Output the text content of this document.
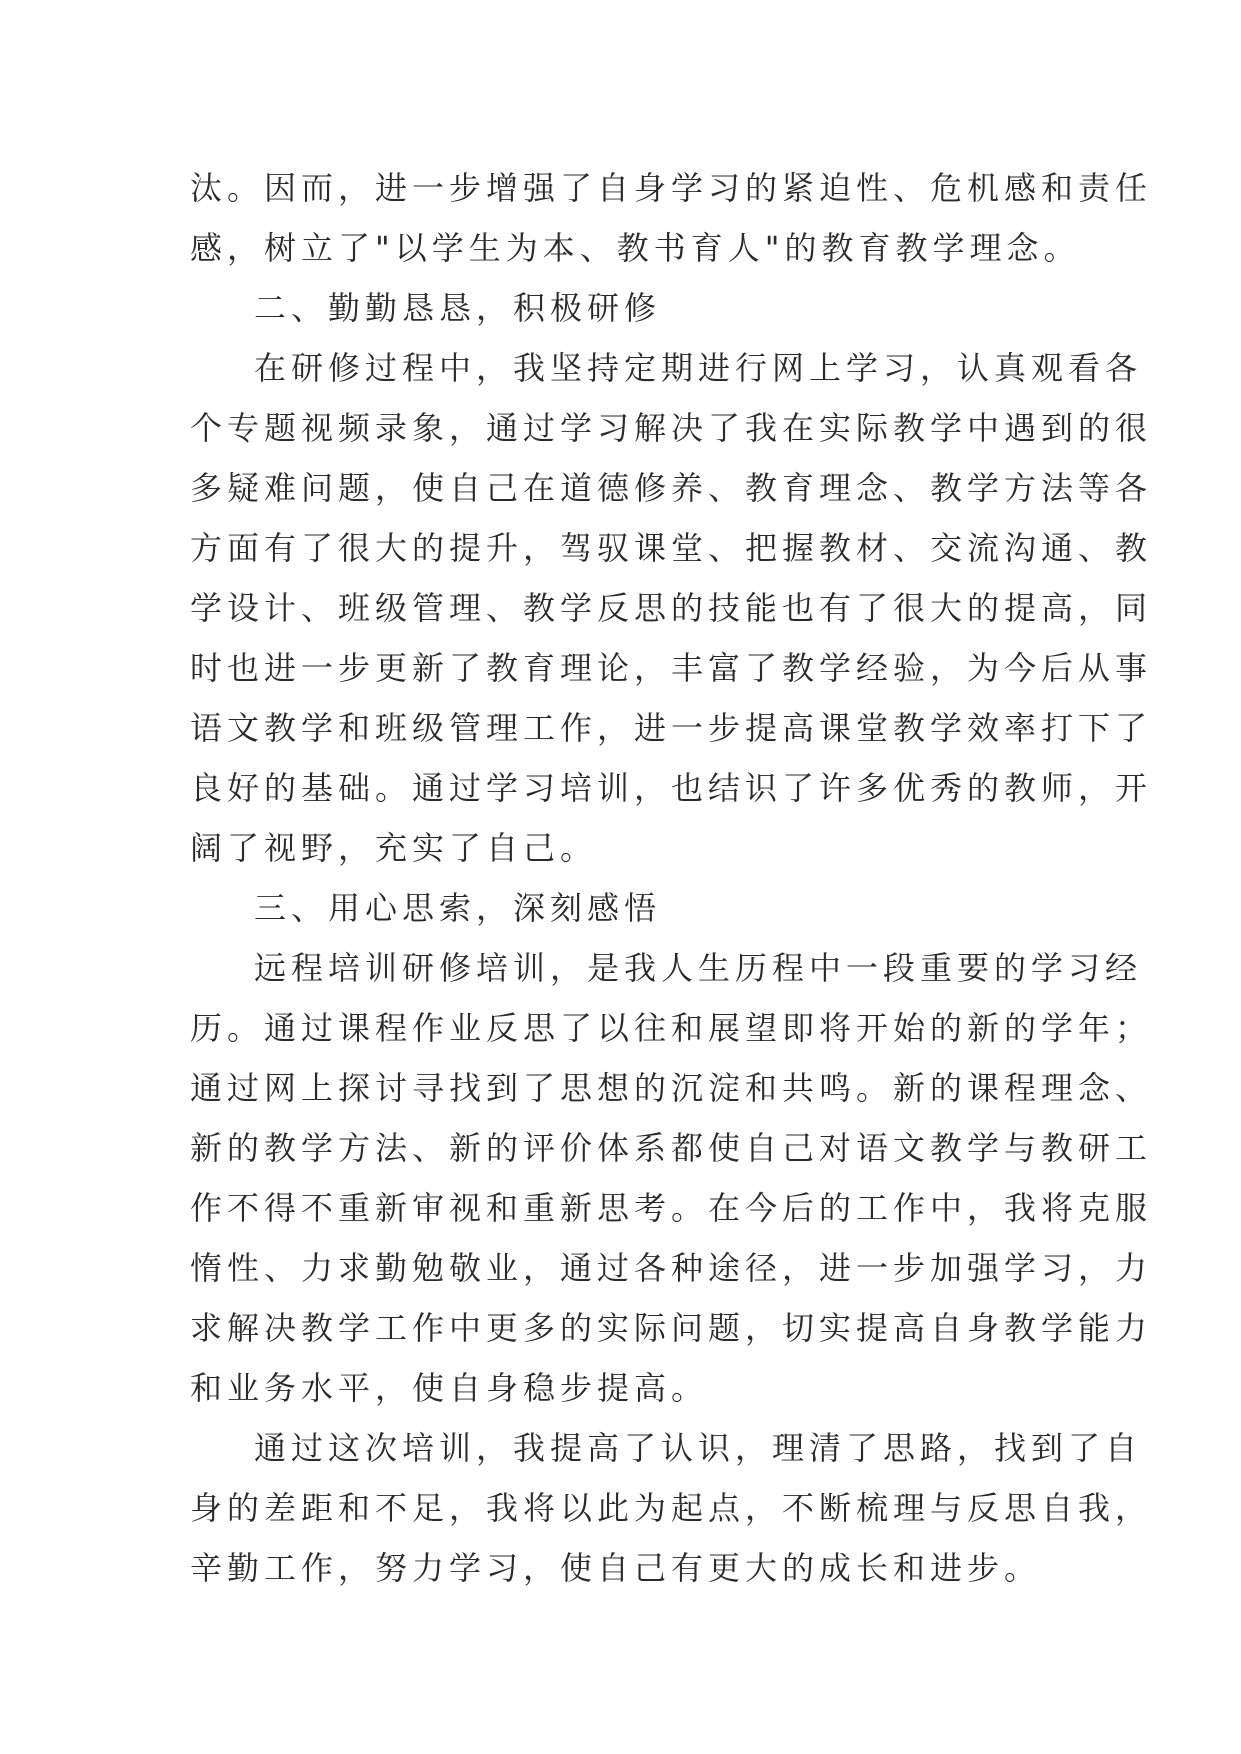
汰。因而，进一步增强了自身学习的紧迫性、危机感和责任
感，树立了"以学生为本、教书育人"的教育教学理念。
二、勤勤恳恳，积极研修
在研修过程中，我坚持定期进行网上学习，认真观看各
个专题视频录象，通过学习解决了我在实际教学中遇到的很
多疑难问题，使自己在道德修养、教育理念、教学方法等各
方面有了很大的提升，驾驭课堂、把握教材、交流沟通、教
学设计、班级管理、教学反思的技能也有了很大的提高，同
时也进一步更新了教育理论，丰富了教学经验，为今后从事
语文教学和班级管理工作，进一步提高课堂教学效率打下了
良好的基础。通过学习培训，也结识了许多优秀的教师，开
阔了视野，充实了自己。
三、用心思索，深刻感悟
远程培训研修培训，是我人生历程中一段重要的学习经
历。通过课程作业反思了以往和展望即将开始的新的学年；
通过网上探讨寻找到了思想的沉淀和共鸣。新的课程理念、
新的教学方法、新的评价体系都使自己对语文教学与教研工
作不得不重新审视和重新思考。在今后的工作中，我将克服
惰性、力求勤勉敬业，通过各种途径，进一步加强学习，力
求解决教学工作中更多的实际问题，切实提高自身教学能力
和业务水平，使自身稳步提高。
通过这次培训，我提高了认识，理清了思路，找到了自
身的差距和不足，我将以此为起点，不断梳理与反思自我，
辛勤工作，努力学习，使自己有更大的成长和进步。
